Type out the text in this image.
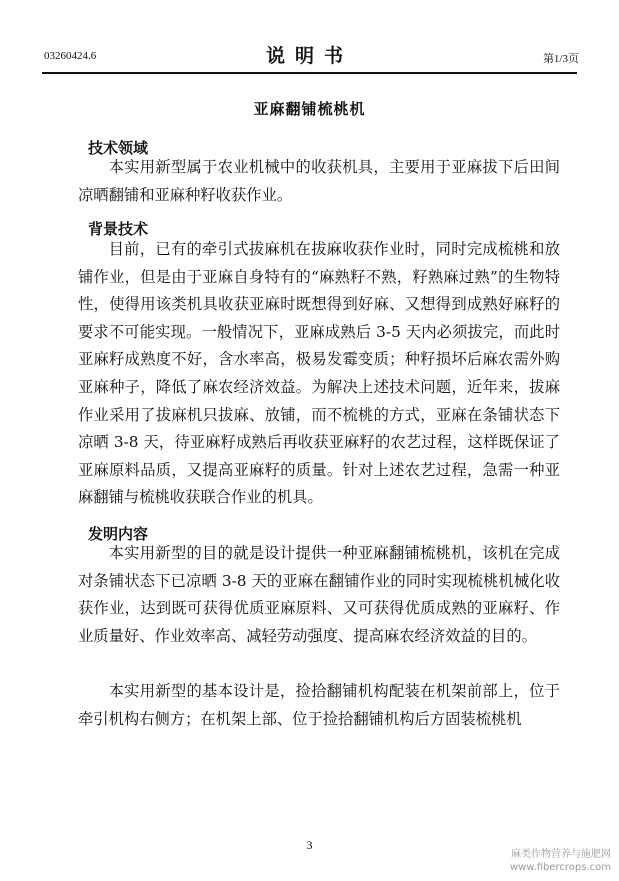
03260424.6	说明书	第1/3页
亚麻翻铺梳桃机
技术领域

本实用新型属于农业机械中的收获机具，主要用于亚麻拔下后田间凉晒翻铺和亚麻种籽收获作业。

背景技术

目前，已有的牵引式拔麻机在拔麻收获作业时，同时完成梳桃和放铺作业，但是由于亚麻自身特有的“麻熟籽不熟，籽熟麻过熟”的生物特性，使得用该类机具收获亚麻时既想得到好麻、又想得到成熟好麻籽的要求不可能实现。一般情况下，亚麻成熟后 3-5 天内必须拔完，而此时亚麻籽成熟度不好，含水率高，极易发霉变质；种籽损坏后麻农需外购亚麻种子，降低了麻农经济效益。为解决上述技术问题，近年来，拔麻作业采用了拔麻机只拔麻、放铺，而不梳桃的方式，亚麻在条铺状态下凉晒 3-8 天，待亚麻籽成熟后再收获亚麻籽的农艺过程，这样既保证了亚麻原料品质，又提高亚麻籽的质量。针对上述农艺过程，急需一种亚麻翻铺与梳桃收获联合作业的机具。

发明内容

本实用新型的目的就是设计提供一种亚麻翻铺梳桃机，该机在完成对条铺状态下已凉晒 3-8 天的亚麻在翻铺作业的同时实现梳桃机械化收获作业，达到既可获得优质亚麻原料、又可获得优质成熟的亚麻籽、作业质量好、作业效率高、减轻劳动强度、提高麻农经济效益的目的。

本实用新型的基本设计是，捡拾翻铺机构配装在机架前部上，位于牵引机构右侧方；在机架上部、位于捡拾翻铺机构后方固装梳桃机

3
麻类作物营养与施肥网
www.fibercrops.com
